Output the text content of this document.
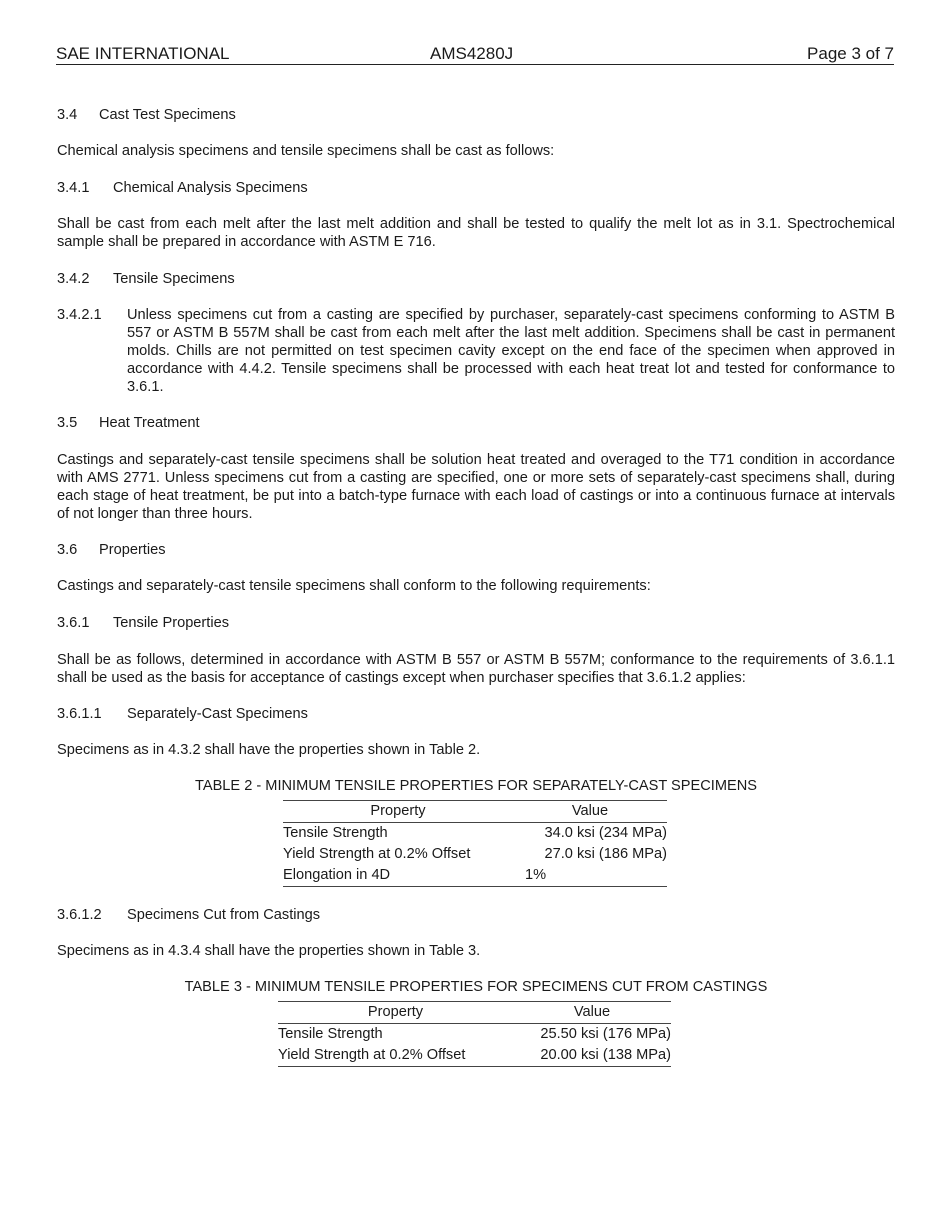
SAE INTERNATIONAL	AMS4280J	Page 3 of 7
3.4 Cast Test Specimens
Chemical analysis specimens and tensile specimens shall be cast as follows:
3.4.1 Chemical Analysis Specimens
Shall be cast from each melt after the last melt addition and shall be tested to qualify the melt lot as in 3.1. Spectrochemical sample shall be prepared in accordance with ASTM E 716.
3.4.2 Tensile Specimens
3.4.2.1 Unless specimens cut from a casting are specified by purchaser, separately-cast specimens conforming to ASTM B 557 or ASTM B 557M shall be cast from each melt after the last melt addition. Specimens shall be cast in permanent molds. Chills are not permitted on test specimen cavity except on the end face of the specimen when approved in accordance with 4.4.2. Tensile specimens shall be processed with each heat treat lot and tested for conformance to 3.6.1.
3.5 Heat Treatment
Castings and separately-cast tensile specimens shall be solution heat treated and overaged to the T71 condition in accordance with AMS 2771. Unless specimens cut from a casting are specified, one or more sets of separately-cast specimens shall, during each stage of heat treatment, be put into a batch-type furnace with each load of castings or into a continuous furnace at intervals of not longer than three hours.
3.6 Properties
Castings and separately-cast tensile specimens shall conform to the following requirements:
3.6.1 Tensile Properties
Shall be as follows, determined in accordance with ASTM B 557 or ASTM B 557M; conformance to the requirements of 3.6.1.1 shall be used as the basis for acceptance of castings except when purchaser specifies that 3.6.1.2 applies:
3.6.1.1 Separately-Cast Specimens
Specimens as in 4.3.2 shall have the properties shown in Table 2.
TABLE 2 - MINIMUM TENSILE PROPERTIES FOR SEPARATELY-CAST SPECIMENS
Property	Value
Tensile Strength	34.0 ksi (234 MPa)
Yield Strength at 0.2% Offset	27.0 ksi (186 MPa)
Elongation in 4D	1%
3.6.1.2 Specimens Cut from Castings
Specimens as in 4.3.4 shall have the properties shown in Table 3.
TABLE 3 - MINIMUM TENSILE PROPERTIES FOR SPECIMENS CUT FROM CASTINGS
Property	Value
Tensile Strength	25.50 ksi (176 MPa)
Yield Strength at 0.2% Offset	20.00 ksi (138 MPa)
